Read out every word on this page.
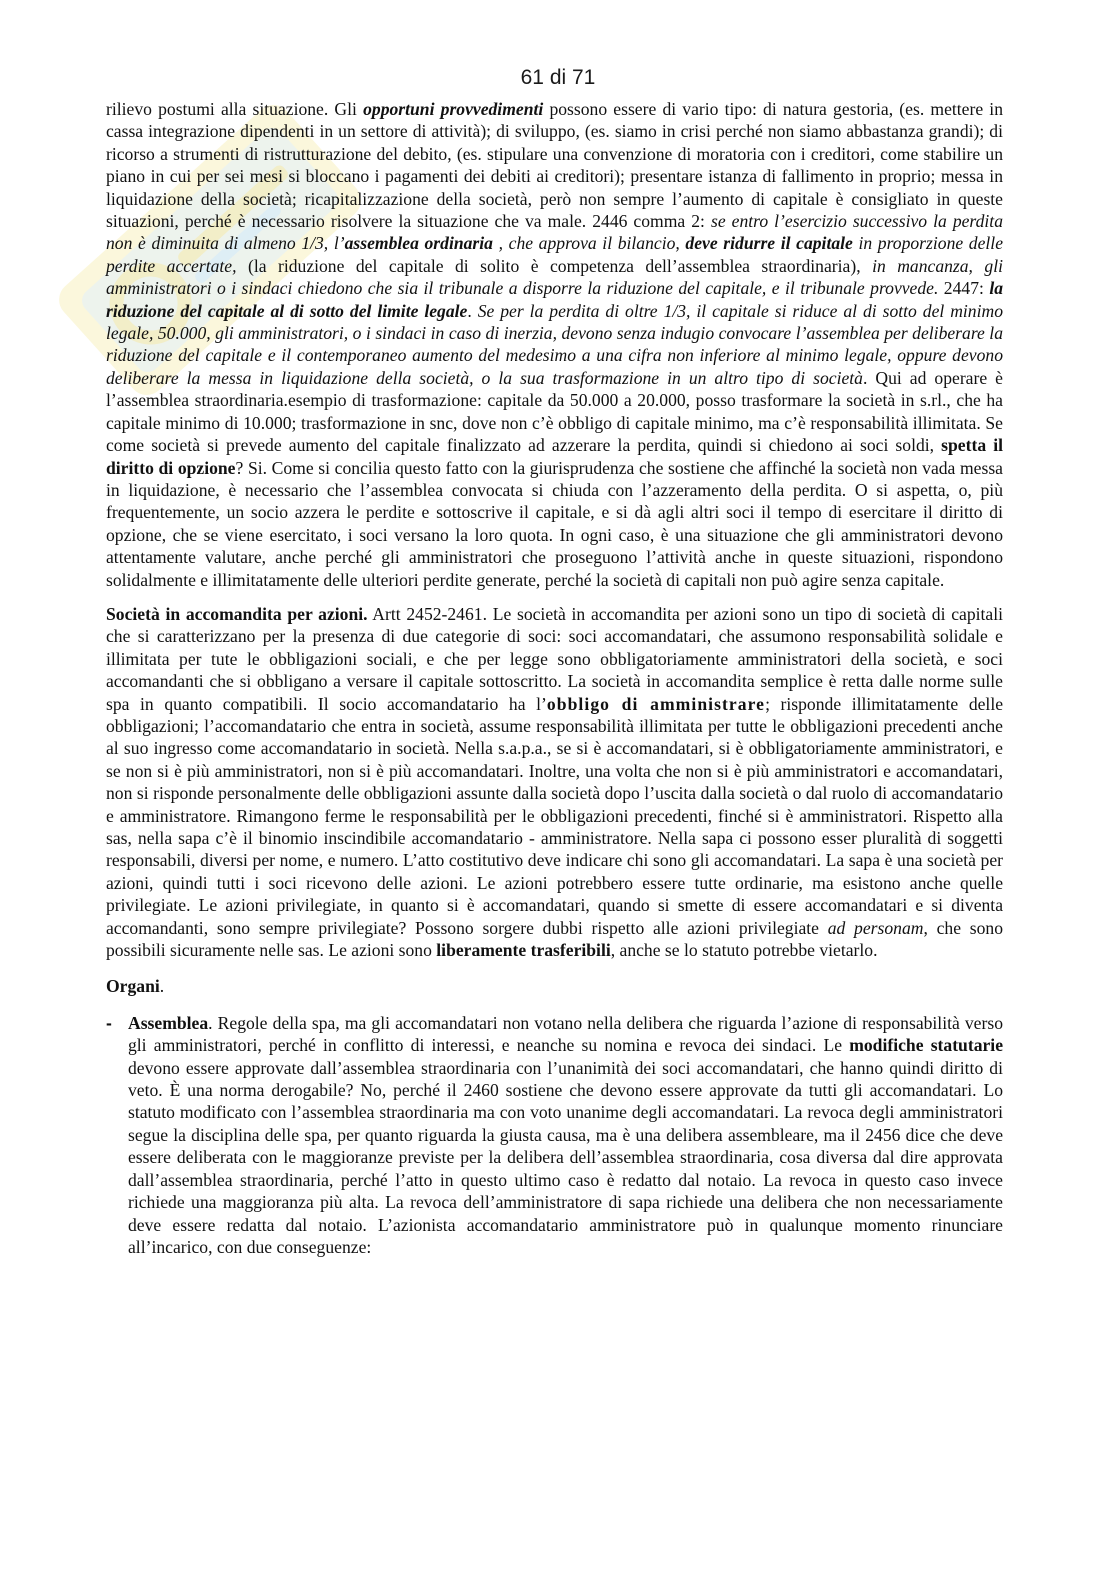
61 di 71

rilievo postumi alla situazione. Gli opportuni provvedimenti possono essere di vario tipo: di natura gestoria, (es. mettere in cassa integrazione dipendenti in un settore di attività); di sviluppo, (es. siamo in crisi perché non siamo abbastanza grandi); di ricorso a strumenti di ristrutturazione del debito, (es. stipulare una convenzione di moratoria con i creditori, come stabilire un piano in cui per sei mesi si bloccano i pagamenti dei debiti ai creditori); presentare istanza di fallimento in proprio; messa in liquidazione della società; ricapitalizzazione della società, però non sempre l’aumento di capitale è consigliato in queste situazioni, perché è necessario risolvere la situazione che va male. 2446 comma 2: se entro l’esercizio successivo la perdita non è diminuita di almeno 1/3, l’assemblea ordinaria , che approva il bilancio, deve ridurre il capitale in proporzione delle perdite accertate, (la riduzione del capitale di solito è competenza dell’assemblea straordinaria), in mancanza, gli amministratori o i sindaci chiedono che sia il tribunale a disporre la riduzione del capitale, e il tribunale provvede. 2447: la riduzione del capitale al di sotto del limite legale. Se per la perdita di oltre 1/3, il capitale si riduce al di sotto del minimo legale, 50.000, gli amministratori, o i sindaci in caso di inerzia, devono senza indugio convocare l’assemblea per deliberare la riduzione del capitale e il contemporaneo aumento del medesimo a una cifra non inferiore al minimo legale, oppure devono deliberare la messa in liquidazione della società, o la sua trasformazione in un altro tipo di società. Qui ad operare è l’assemblea straordinaria.esempio di trasformazione: capitale da 50.000 a 20.000, posso trasformare la società in s.rl., che ha capitale minimo di 10.000; trasformazione in snc, dove non c’è obbligo di capitale minimo, ma c’è responsabilità illimitata. Se come società si prevede aumento del capitale finalizzato ad azzerare la perdita, quindi si chiedono ai soci soldi, spetta il diritto di opzione? Si. Come si concilia questo fatto con la giurisprudenza che sostiene che affinché la società non vada messa in liquidazione, è necessario che l’assemblea convocata si chiuda con l’azzeramento della perdita. O si aspetta, o, più frequentemente, un socio azzera le perdite e sottoscrive il capitale, e si dà agli altri soci il tempo di esercitare il diritto di opzione, che se viene esercitato, i soci versano la loro quota. In ogni caso, è una situazione che gli amministratori devono attentamente valutare, anche perché gli amministratori che proseguono l’attività anche in queste situazioni, rispondono solidalmente e illimitatamente delle ulteriori perdite generate, perché la società di capitali non può agire senza capitale.

Società in accomandita per azioni. Artt 2452-2461. Le società in accomandita per azioni sono un tipo di società di capitali che si caratterizzano per la presenza di due categorie di soci: soci accomandatari, che assumono responsabilità solidale e illimitata per tute le obbligazioni sociali, e che per legge sono obbligatoriamente amministratori della società, e soci accomandanti che si obbligano a versare il capitale sottoscritto. La società in accomandita semplice è retta dalle norme sulle spa in quanto compatibili. Il socio accomandatario ha l’obbligo di amministrare; risponde illimitatamente delle obbligazioni; l’accomandatario che entra in società, assume responsabilità illimitata per tutte le obbligazioni precedenti anche al suo ingresso come accomandatario in società. Nella s.a.p.a., se si è accomandatari, si è obbligatoriamente amministratori, e se non si è più amministratori, non si è più accomandatari. Inoltre, una volta che non si è più amministratori e accomandatari, non si risponde personalmente delle obbligazioni assunte dalla società dopo l’uscita dalla società o dal ruolo di accomandatario e amministratore. Rimangono ferme le responsabilità per le obbligazioni precedenti, finché si è amministratori. Rispetto alla sas, nella sapa c’è il binomio inscindibile accomandatario - amministratore. Nella sapa ci possono esser pluralità di soggetti responsabili, diversi per nome, e numero. L’atto costitutivo deve indicare chi sono gli accomandatari. La sapa è una società per azioni, quindi tutti i soci ricevono delle azioni. Le azioni potrebbero essere tutte ordinarie, ma esistono anche quelle privilegiate. Le azioni privilegiate, in quanto si è accomandatari, quando si smette di essere accomandatari e si diventa accomandanti, sono sempre privilegiate? Possono sorgere dubbi rispetto alle azioni privilegiate ad personam, che sono possibili sicuramente nelle sas. Le azioni sono liberamente trasferibili, anche se lo statuto potrebbe vietarlo.

Organi.

- Assemblea. Regole della spa, ma gli accomandatari non votano nella delibera che riguarda l’azione di responsabilità verso gli amministratori, perché in conflitto di interessi, e neanche su nomina e revoca dei sindaci. Le modifiche statutarie devono essere approvate dall’assemblea straordinaria con l’unanimità dei soci accomandatari, che hanno quindi diritto di veto. È una norma derogabile? No, perché il 2460 sostiene che devono essere approvate da tutti gli accomandatari. Lo statuto modificato con l’assemblea straordinaria ma con voto unanime degli accomandatari. La revoca degli amministratori segue la disciplina delle spa, per quanto riguarda la giusta causa, ma è una delibera assembleare, ma il 2456 dice che deve essere deliberata con le maggioranze previste per la delibera dell’assemblea straordinaria, cosa diversa dal dire approvata dall’assemblea straordinaria, perché l’atto in questo ultimo caso è redatto dal notaio. La revoca in questo caso invece richiede una maggioranza più alta. La revoca dell’amministratore di sapa richiede una delibera che non necessariamente deve essere redatta dal notaio. L’azionista accomandatario amministratore può in qualunque momento rinunciare all’incarico, con due conseguenze:
